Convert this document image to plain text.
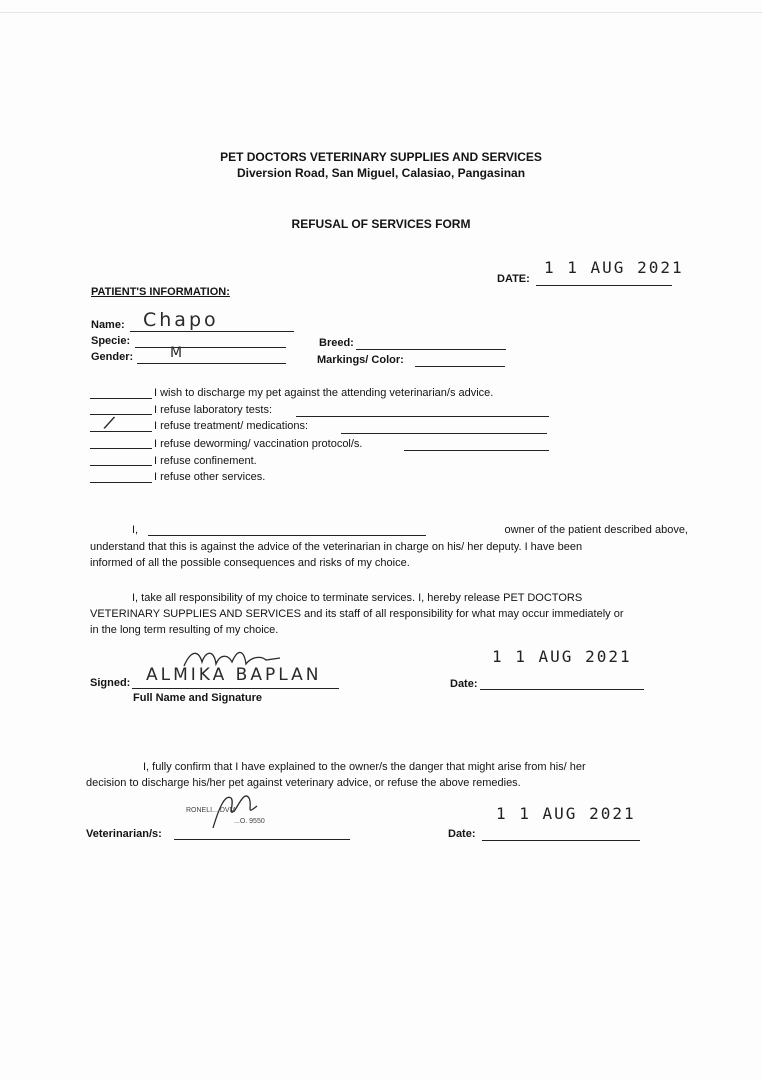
PET DOCTORS VETERINARY SUPPLIES AND SERVICES
Diversion Road, San Miguel, Calasiao, Pangasinan
REFUSAL OF SERVICES FORM
DATE:
1 1 AUG 2021
PATIENT'S INFORMATION:
Name: Chapo
Specie:	Breed:
Gender:	M	Markings/ Color:
I wish to discharge my pet against the attending veterinarian/s advice.
I refuse laboratory tests:
/	I refuse treatment/ medications:
I refuse deworming/ vaccination protocol/s.
I refuse confinement.
I refuse other services.
I,	owner of the patient described above,
understand that this is against the advice of the veterinarian in charge on his/ her deputy. I have been
informed of all the possible consequences and risks of my choice.
I, take all responsibility of my choice to terminate services. I, hereby release PET DOCTORS
VETERINARY SUPPLIES AND SERVICES and its staff of all responsibility for what may occur immediately or
in the long term resulting of my choice.
Signed: ALMIKA BAPLAN
Full Name and Signature
1 1 AUG 2021
Date:
I, fully confirm that I have explained to the owner/s the danger that might arise from his/ her
decision to discharge his/her pet against veterinary advice, or refuse the above remedies.
RONELI... DVM
...O. 9550
Veterinarian/s:
1 1 AUG 2021
Date:
